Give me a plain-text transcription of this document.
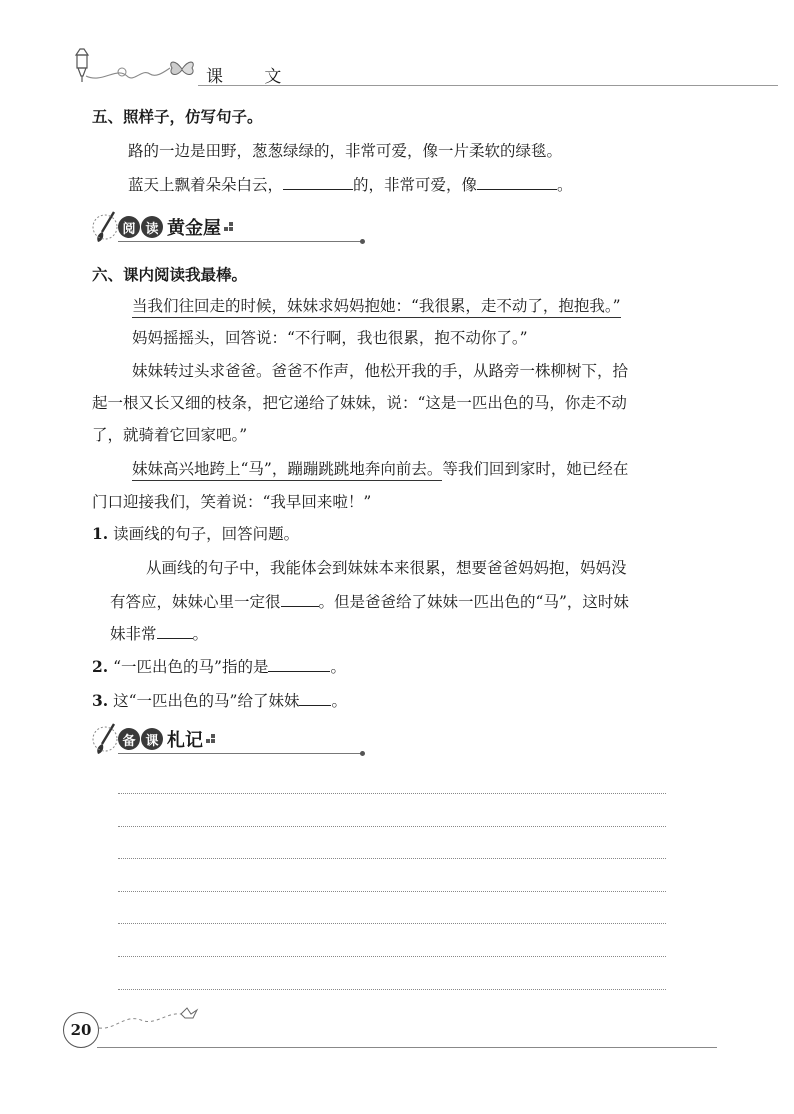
课 文
五、照样子，仿写句子。
路的一边是田野，葱葱绿绿的，非常可爱，像一片柔软的绿毯。
蓝天上飘着朵朵白云，	的，非常可爱，像	。
阅 读 黄金屋
六、课内阅读我最棒。
当我们往回走的时候，妹妹求妈妈抱她：“我很累，走不动了，抱抱我。”
妈妈摇摇头，回答说：“不行啊，我也很累，抱不动你了。”
妹妹转过头求爸爸。爸爸不作声，他松开我的手，从路旁一株柳树下，拾
起一根又长又细的枝条，把它递给了妹妹，说：“这是一匹出色的马，你走不动
了，就骑着它回家吧。”
妹妹高兴地跨上“马”，蹦蹦跳跳地奔向前去。等我们回到家时，她已经在
门口迎接我们，笑着说：“我早回来啦！”
1. 读画线的句子，回答问题。
从画线的句子中，我能体会到妹妹本来很累，想要爸爸妈妈抱，妈妈没
有答应，妹妹心里一定很 。但是爸爸给了妹妹一匹出色的“马”，这时妹
妹非常 。
2. “一匹出色的马”指的是	。
3. 这“一匹出色的马”给了妹妹 。
备 课 札记
20
